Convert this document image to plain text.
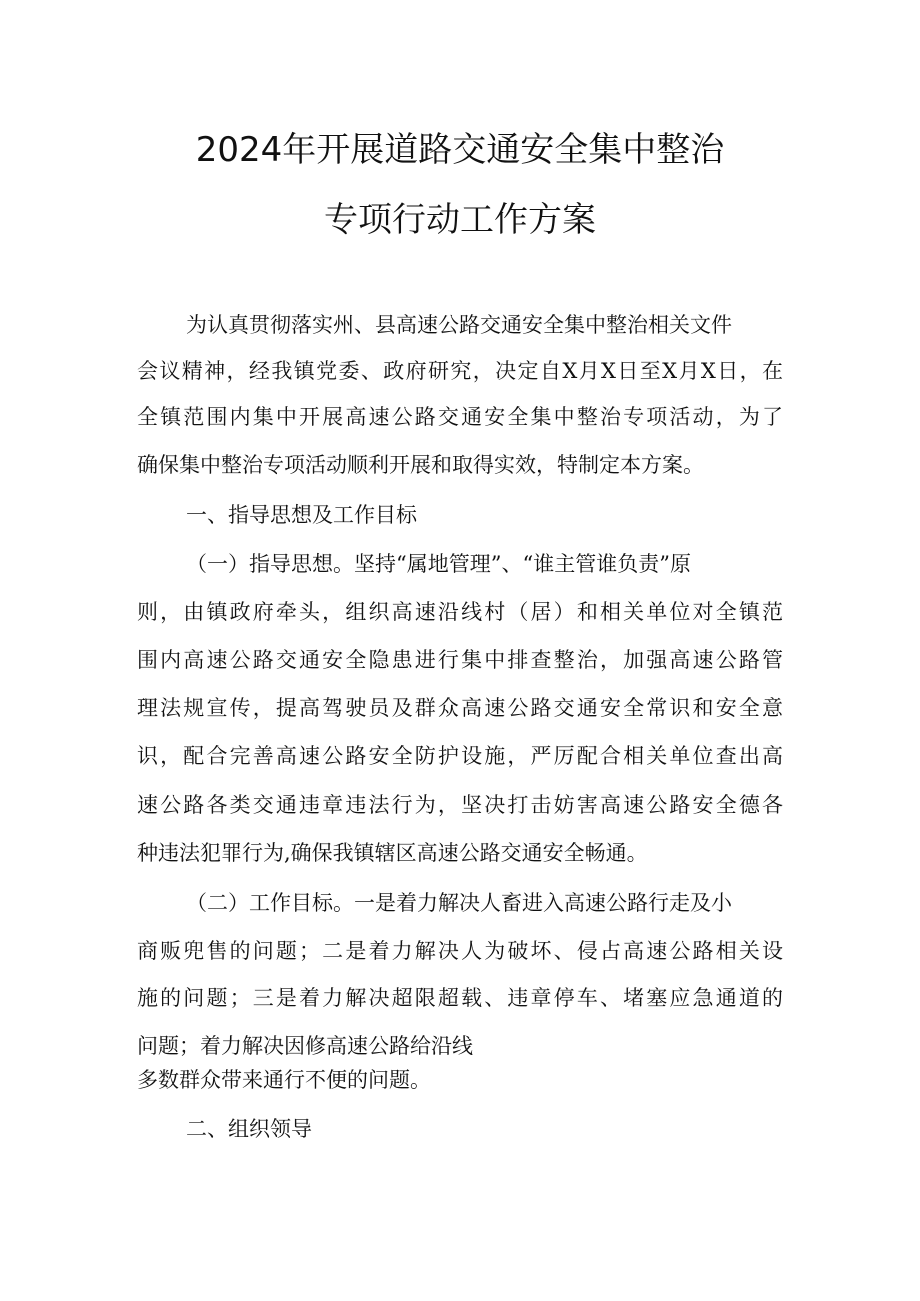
2024年开展道路交通安全集中整治
专项行动工作方案
为认真贯彻落实州、县高速公路交通安全集中整治相关文件
会议精神，经我镇党委、政府研究，决定自X月X日至X月X日，在
全镇范围内集中开展高速公路交通安全集中整治专项活动，为了
确保集中整治专项活动顺利开展和取得实效，特制定本方案。
一、指导思想及工作目标
（一）指导思想。坚持“属地管理”、“谁主管谁负责”原
则，由镇政府牵头，组织高速沿线村（居）和相关单位对全镇范
围内高速公路交通安全隐患进行集中排查整治，加强高速公路管
理法规宣传，提高驾驶员及群众高速公路交通安全常识和安全意
识，配合完善高速公路安全防护设施，严厉配合相关单位查出高
速公路各类交通违章违法行为，坚决打击妨害高速公路安全德各
种违法犯罪行为,确保我镇辖区高速公路交通安全畅通。
（二）工作目标。一是着力解决人畜进入高速公路行走及小
商贩兜售的问题；二是着力解决人为破坏、侵占高速公路相关设
施的问题；三是着力解决超限超载、违章停车、堵塞应急通道的
问题；着力解决因修高速公路给沿线
多数群众带来通行不便的问题。
二、组织领导
